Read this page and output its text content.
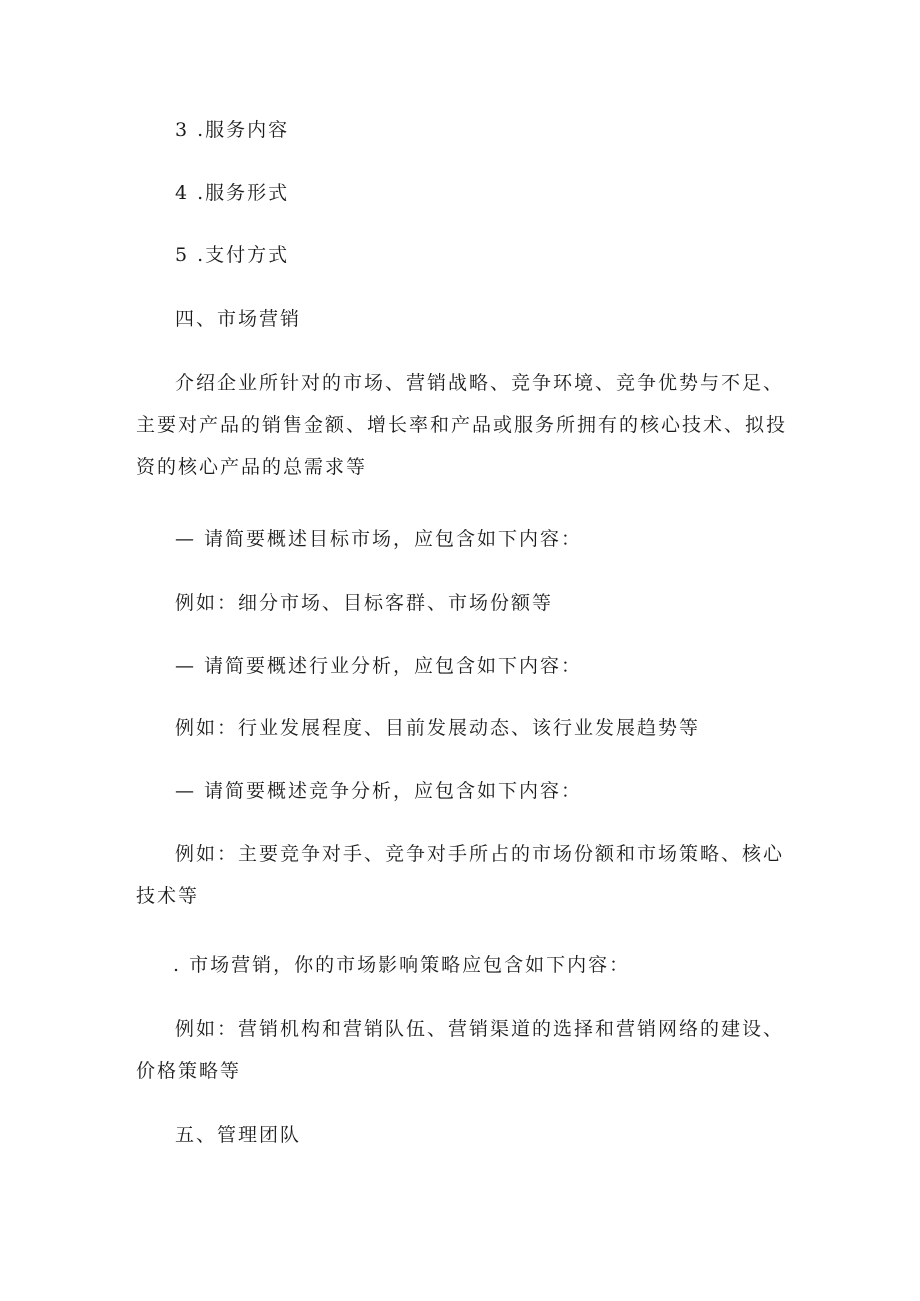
3 .服务内容
4 .服务形式
5 .支付方式
四、市场营销
介绍企业所针对的市场、营销战略、竞争环境、竞争优势与不足、主要对产品的销售金额、增长率和产品或服务所拥有的核心技术、拟投资的核心产品的总需求等
— 请简要概述目标市场，应包含如下内容：
例如：细分市场、目标客群、市场份额等
— 请简要概述行业分析，应包含如下内容：
例如：行业发展程度、目前发展动态、该行业发展趋势等
— 请简要概述竞争分析，应包含如下内容：
例如：主要竞争对手、竞争对手所占的市场份额和市场策略、核心技术等
. 市场营销，你的市场影响策略应包含如下内容：
例如：营销机构和营销队伍、营销渠道的选择和营销网络的建设、价格策略等
五、管理团队
